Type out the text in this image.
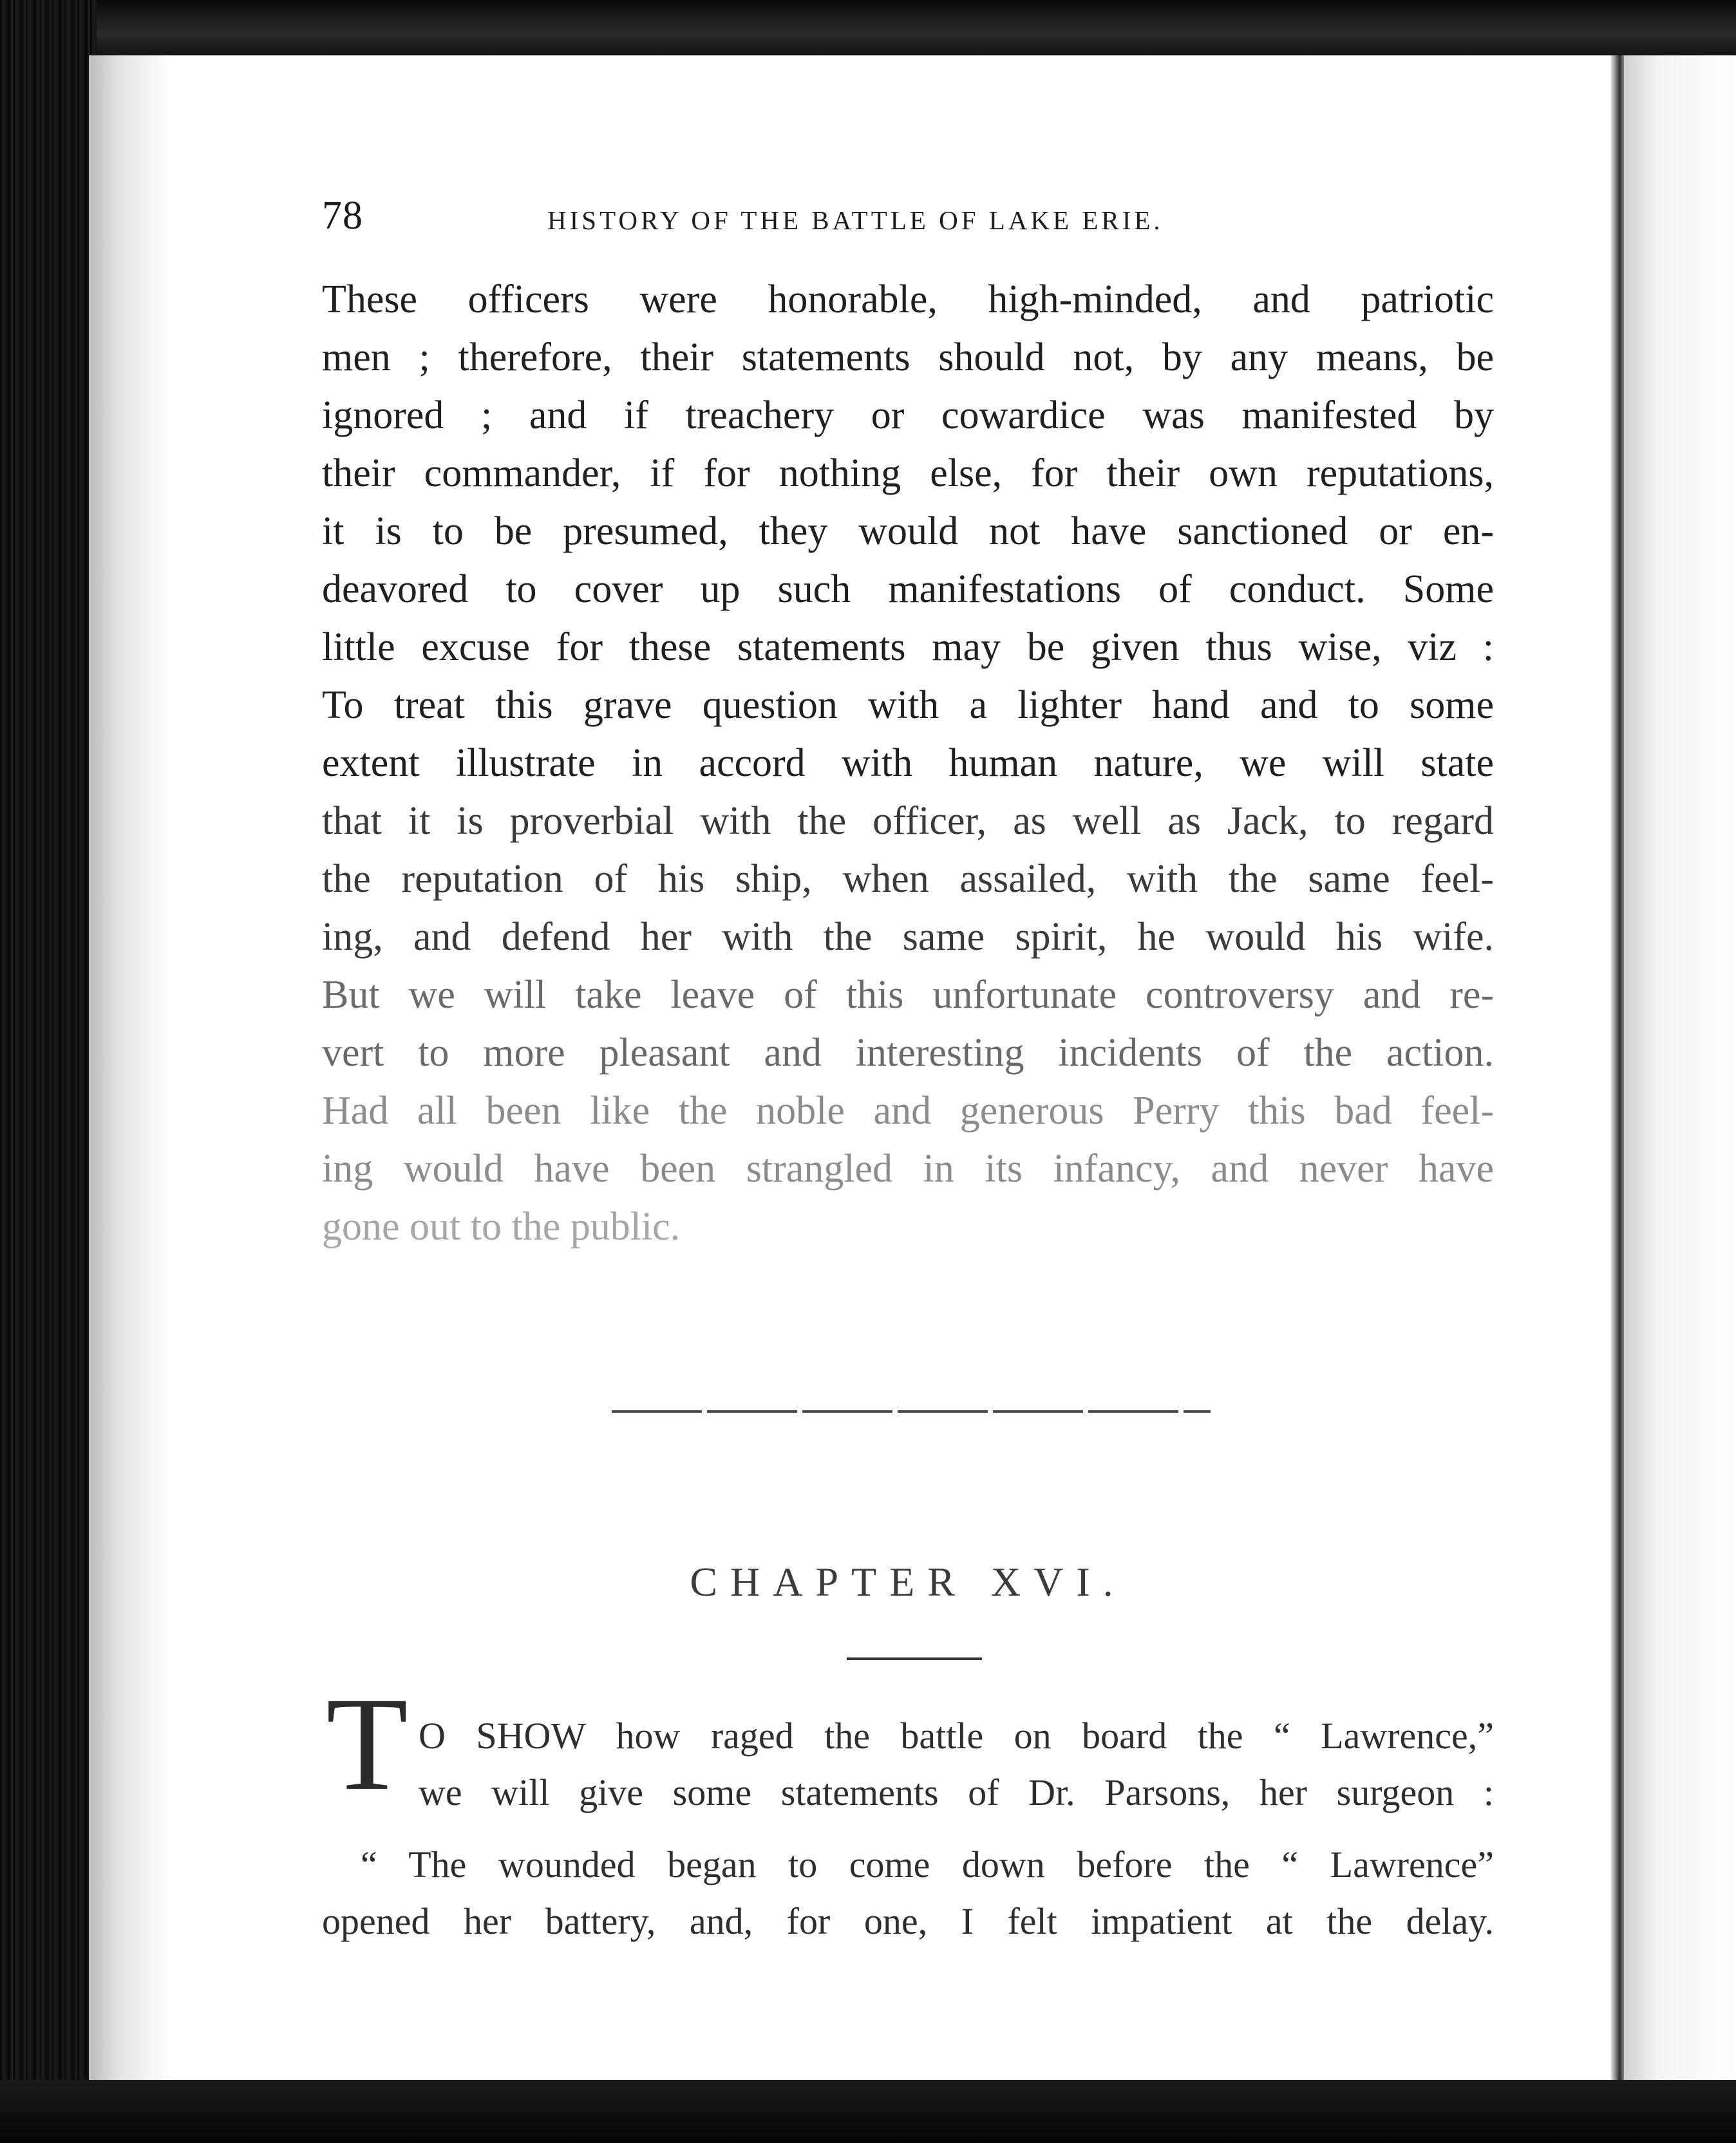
78	HISTORY OF THE BATTLE OF LAKE ERIE.
These officers were honorable, high-minded, and patriotic
men ; therefore, their statements should not, by any means, be
ignored ; and if treachery or cowardice was manifested by
their commander, if for nothing else, for their own reputations,
it is to be presumed, they would not have sanctioned or en-
deavored to cover up such manifestations of conduct. Some
little excuse for these statements may be given thus wise, viz :
To treat this grave question with a lighter hand and to some
extent illustrate in accord with human nature, we will state
that it is proverbial with the officer, as well as Jack, to regard
the reputation of his ship, when assailed, with the same feel-
ing, and defend her with the same spirit, he would his wife.
But we will take leave of this unfortunate controversy and re-
vert to more pleasant and interesting incidents of the action.
Had all been like the noble and generous Perry this bad feel-
ing would have been strangled in its infancy, and never have
gone out to the public.
CHAPTER XVI.
T O SHOW how raged the battle on board the “ Lawrence,”
we will give some statements of Dr. Parsons, her surgeon :
“ The wounded began to come down before the “ Lawrence”
opened her battery, and, for one, I felt impatient at the delay.
